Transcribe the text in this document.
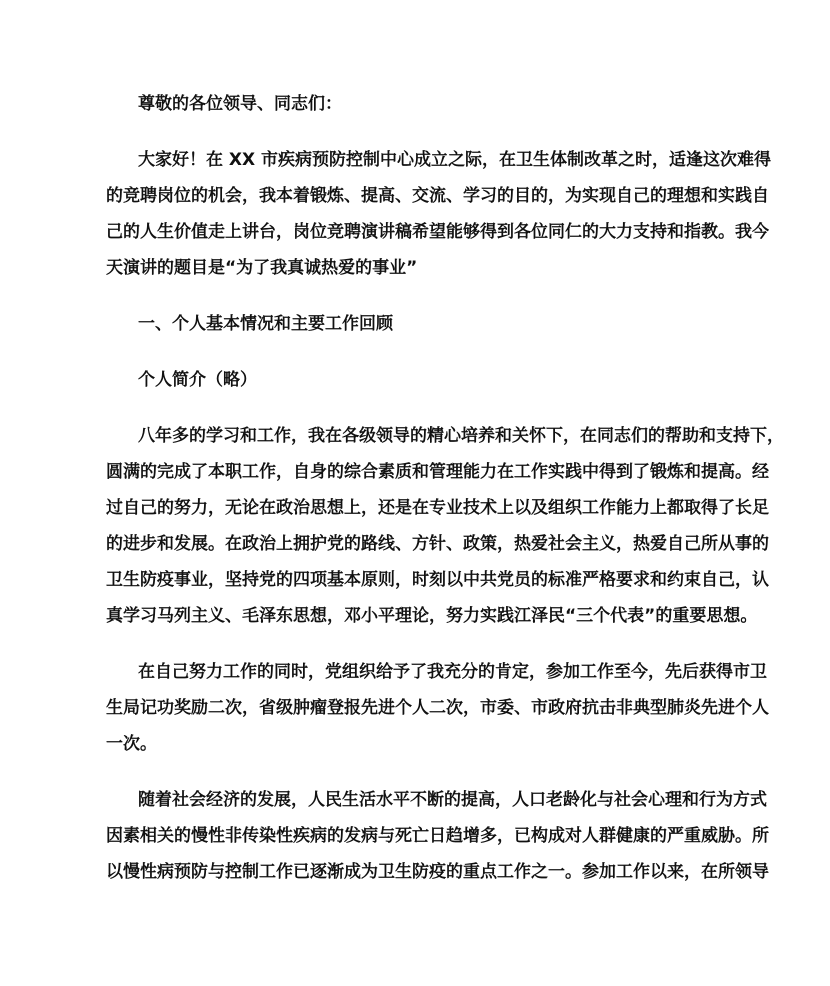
尊敬的各位领导、同志们：

大家好！在 XX 市疾病预防控制中心成立之际，在卫生体制改革之时，适逢这次难得
的竞聘岗位的机会，我本着锻炼、提高、交流、学习的目的，为实现自己的理想和实践自
己的人生价值走上讲台，岗位竞聘演讲稿希望能够得到各位同仁的大力支持和指教。我今
天演讲的题目是“为了我真诚热爱的事业”

一、个人基本情况和主要工作回顾

个人简介（略）

八年多的学习和工作，我在各级领导的精心培养和关怀下，在同志们的帮助和支持下，
圆满的完成了本职工作，自身的综合素质和管理能力在工作实践中得到了锻炼和提高。经
过自己的努力，无论在政治思想上，还是在专业技术上以及组织工作能力上都取得了长足
的进步和发展。在政治上拥护党的路线、方针、政策，热爱社会主义，热爱自己所从事的
卫生防疫事业，坚持党的四项基本原则，时刻以中共党员的标准严格要求和约束自己，认
真学习马列主义、毛泽东思想，邓小平理论，努力实践江泽民“三个代表”的重要思想。

在自己努力工作的同时，党组织给予了我充分的肯定，参加工作至今，先后获得市卫
生局记功奖励二次，省级肿瘤登报先进个人二次，市委、市政府抗击非典型肺炎先进个人
一次。

随着社会经济的发展，人民生活水平不断的提高，人口老龄化与社会心理和行为方式
因素相关的慢性非传染性疾病的发病与死亡日趋增多，已构成对人群健康的严重威胁。所
以慢性病预防与控制工作已逐渐成为卫生防疫的重点工作之一。参加工作以来，在所领导
